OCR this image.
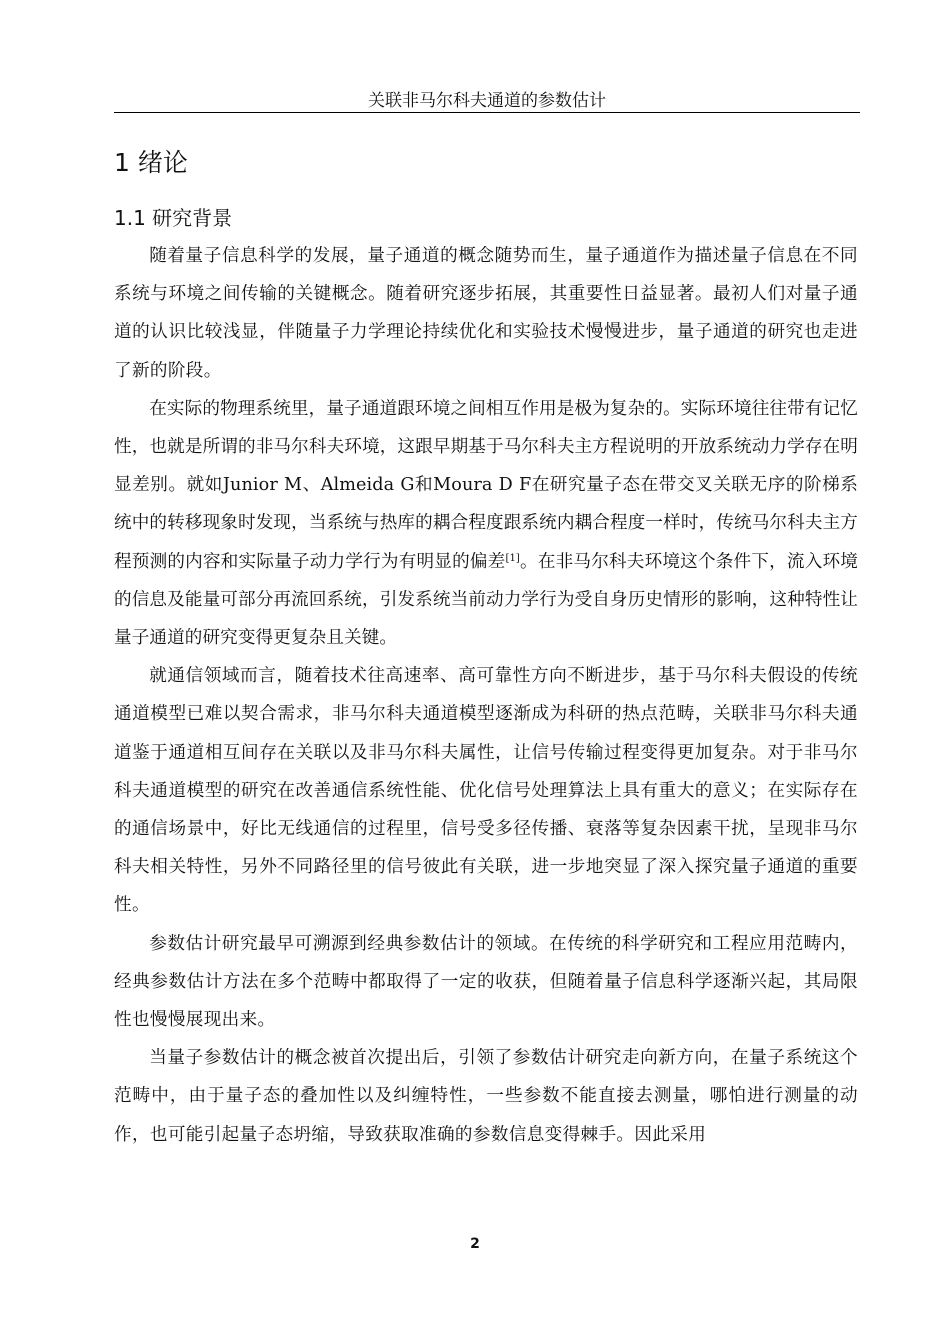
关联非马尔科夫通道的参数估计
1 绪论
1.1 研究背景

随着量子信息科学的发展，量子通道的概念随势而生，量子通道作为描述量子信息在不同系统与环境之间传输的关键概念。随着研究逐步拓展，其重要性日益显著。最初人们对量子通道的认识比较浅显，伴随量子力学理论持续优化和实验技术慢慢进步，量子通道的研究也走进了新的阶段。

在实际的物理系统里，量子通道跟环境之间相互作用是极为复杂的。实际环境往往带有记忆性，也就是所谓的非马尔科夫环境，这跟早期基于马尔科夫主方程说明的开放系统动力学存在明显差别。就如Junior M、Almeida G和Moura D F在研究量子态在带交叉关联无序的阶梯系统中的转移现象时发现，当系统与热库的耦合程度跟系统内耦合程度一样时，传统马尔科夫主方程预测的内容和实际量子动力学行为有明显的偏差[1]。在非马尔科夫环境这个条件下，流入环境的信息及能量可部分再流回系统，引发系统当前动力学行为受自身历史情形的影响，这种特性让量子通道的研究变得更复杂且关键。

就通信领域而言，随着技术往高速率、高可靠性方向不断进步，基于马尔科夫假设的传统通道模型已难以契合需求，非马尔科夫通道模型逐渐成为科研的热点范畴，关联非马尔科夫通道鉴于通道相互间存在关联以及非马尔科夫属性，让信号传输过程变得更加复杂。对于非马尔科夫通道模型的研究在改善通信系统性能、优化信号处理算法上具有重大的意义；在实际存在的通信场景中，好比无线通信的过程里，信号受多径传播、衰落等复杂因素干扰，呈现非马尔科夫相关特性，另外不同路径里的信号彼此有关联，进一步地突显了深入探究量子通道的重要性。

参数估计研究最早可溯源到经典参数估计的领域。在传统的科学研究和工程应用范畴内，经典参数估计方法在多个范畴中都取得了一定的收获，但随着量子信息科学逐渐兴起，其局限性也慢慢展现出来。

当量子参数估计的概念被首次提出后，引领了参数估计研究走向新方向，在量子系统这个范畴中，由于量子态的叠加性以及纠缠特性，一些参数不能直接去测量，哪怕进行测量的动作，也可能引起量子态坍缩，导致获取准确的参数信息变得棘手。因此采用

2
